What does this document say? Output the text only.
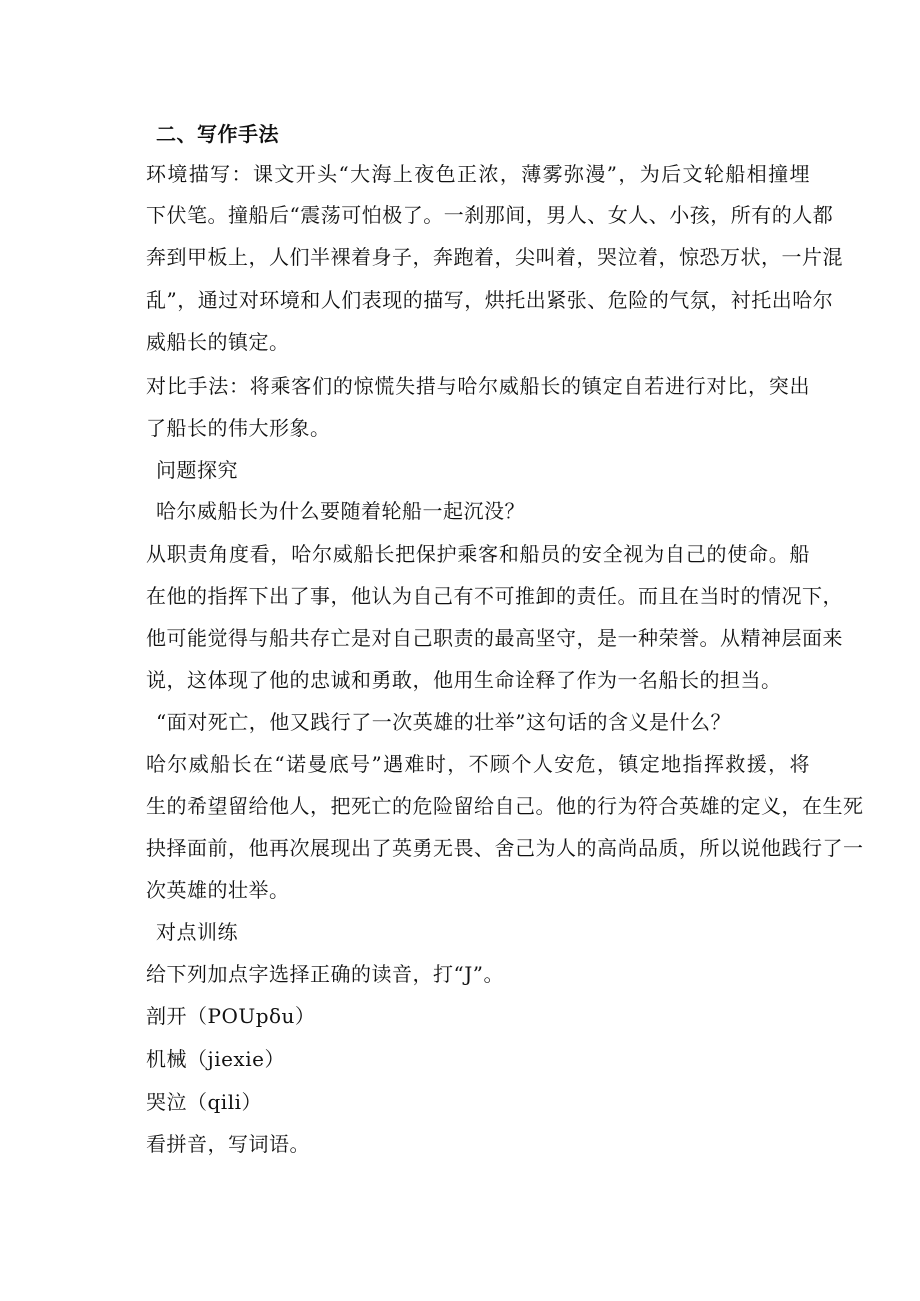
二、写作手法
环境描写：课文开头“大海上夜色正浓，薄雾弥漫”，为后文轮船相撞埋
下伏笔。撞船后“震荡可怕极了。一刹那间，男人、女人、小孩，所有的人都
奔到甲板上，人们半裸着身子，奔跑着，尖叫着，哭泣着，惊恐万状，一片混
乱”，通过对环境和人们表现的描写，烘托出紧张、危险的气氛，衬托出哈尔
威船长的镇定。
对比手法：将乘客们的惊慌失措与哈尔威船长的镇定自若进行对比，突出
了船长的伟大形象。
问题探究
哈尔威船长为什么要随着轮船一起沉没？
从职责角度看，哈尔威船长把保护乘客和船员的安全视为自己的使命。船
在他的指挥下出了事，他认为自己有不可推卸的责任。而且在当时的情况下，
他可能觉得与船共存亡是对自己职责的最高坚守，是一种荣誉。从精神层面来
说，这体现了他的忠诚和勇敢，他用生命诠释了作为一名船长的担当。
“面对死亡，他又践行了一次英雄的壮举”这句话的含义是什么？
哈尔威船长在“诺曼底号”遇难时，不顾个人安危，镇定地指挥救援，将
生的希望留给他人，把死亡的危险留给自己。他的行为符合英雄的定义，在生死
抉择面前，他再次展现出了英勇无畏、舍己为人的高尚品质，所以说他践行了一
次英雄的壮举。
对点训练
给下列加点字选择正确的读音，打“J”。
剖开（POUpδu）
机械（jiexie）
哭泣（qili）
看拼音，写词语。
